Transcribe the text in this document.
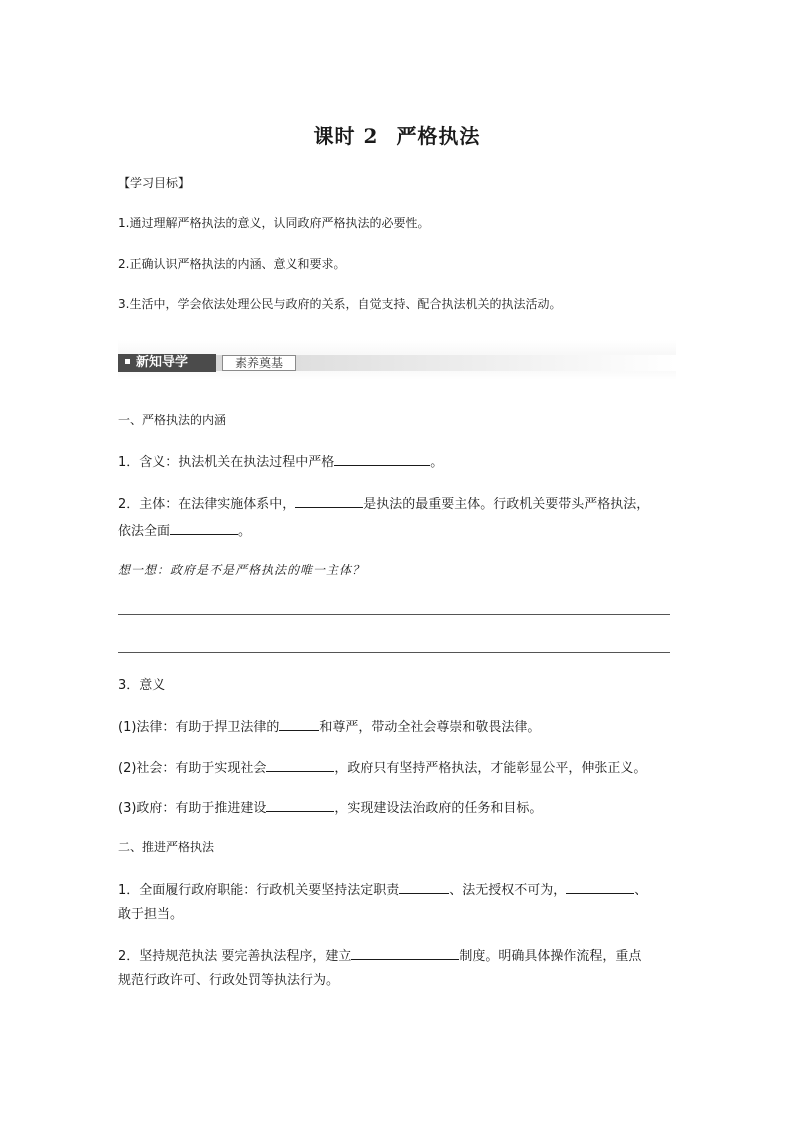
课时 2 严格执法
【学习目标】
1.通过理解严格执法的意义，认同政府严格执法的必要性。
2.正确认识严格执法的内涵、意义和要求。
3.生活中，学会依法处理公民与政府的关系，自觉支持、配合执法机关的执法活动。
新知导学	素养奠基
一、严格执法的内涵
1．含义：执法机关在执法过程中严格	。
2．主体：在法律实施体系中，	是执法的最重要主体。行政机关要带头严格执法，
依法全面	。
想一想：政府是不是严格执法的唯一主体？
3．意义
(1)法律：有助于捍卫法律的	和尊严，带动全社会尊崇和敬畏法律。
(2)社会：有助于实现社会	，政府只有坚持严格执法，才能彰显公平，伸张正义。
(3)政府：有助于推进建设	，实现建设法治政府的任务和目标。
二、推进严格执法
1．全面履行政府职能：行政机关要坚持法定职责	、法无授权不可为，	、
敢于担当。
2．坚持规范执法 要完善执法程序，建立	制度。明确具体操作流程，重点
规范行政许可、行政处罚等执法行为。
